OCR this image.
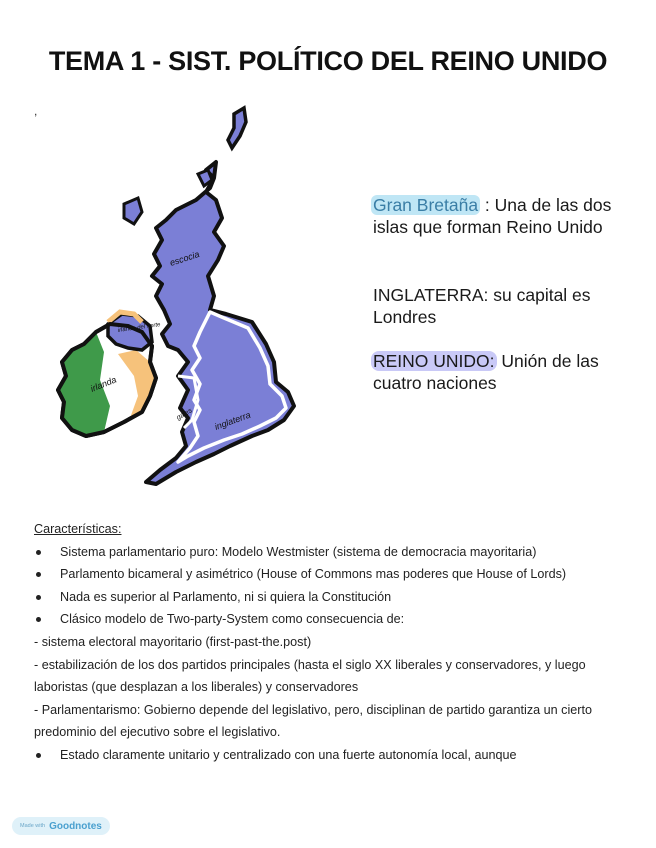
TEMA 1 - SIST. POLÍTICO DEL REINO UNIDO
,
escocia
irlanda del norte
irlanda
gales inglaterra
Gran Bretaña : Una de las dos islas que forman Reino Unido
INGLATERRA: su capital es Londres
REINO UNIDO: Unión de las cuatro naciones
Características:
Sistema parlamentario puro: Modelo Westmister (sistema de democracia mayoritaria)
Parlamento bicameral y asimétrico (House of Commons mas poderes que House of Lords)
Nada es superior al Parlamento, ni si quiera la Constitución
Clásico modelo de Two-party-System como consecuencia de:
- sistema electoral mayoritario (first-past-the.post)
- estabilización de los dos partidos principales (hasta el siglo XX liberales y conservadores, y luego laboristas (que desplazan a los liberales) y conservadores
- Parlamentarismo: Gobierno depende del legislativo, pero, disciplinan de partido garantiza un cierto predominio del ejecutivo sobre el legislativo.
Estado claramente unitario y centralizado con una fuerte autonomía local, aunque
Made with Goodnotes
